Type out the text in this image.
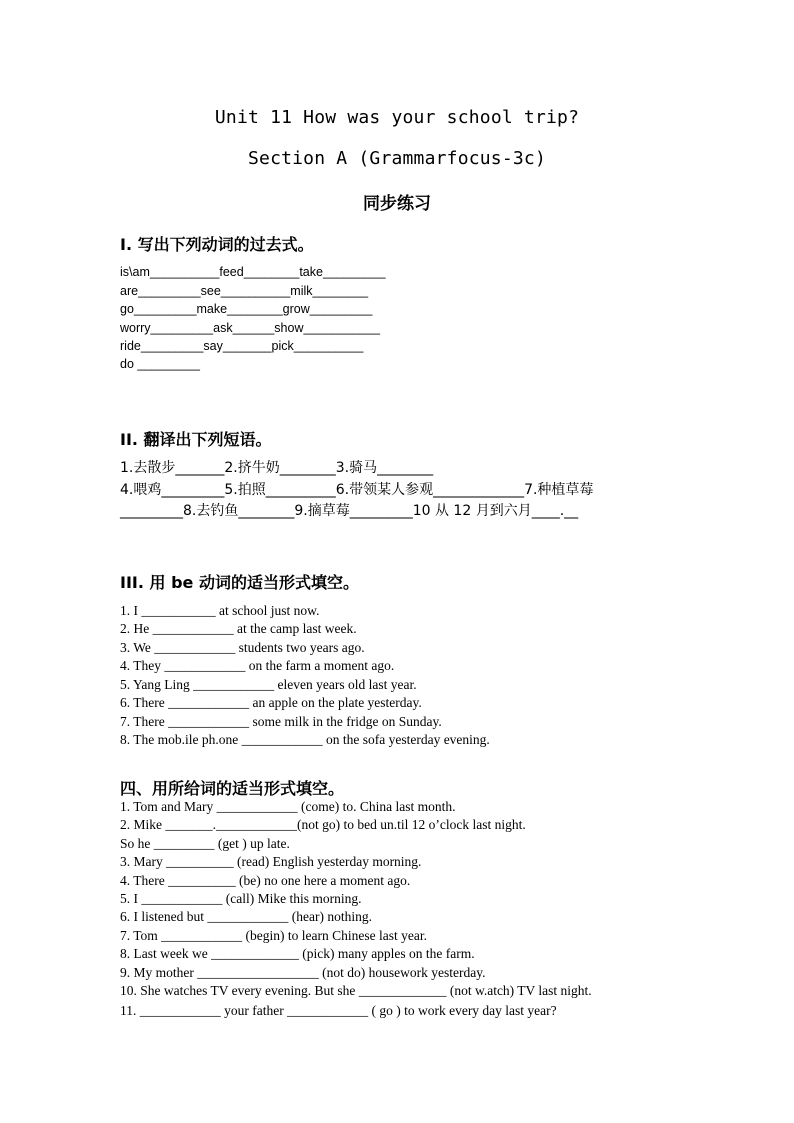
Unit 11 How was your school trip?
Section A (Grammarfocus-3c)
同步练习
I. 写出下列动词的过去式。
is\am__________feed________take_________
are_________see__________milk________
go_________make________grow_________
worry_________ask______show___________
ride_________say_______pick__________
do _________
II. 翻译出下列短语。
1.去散步_______2.挤牛奶________3.骑马________
4.喂鸡_________5.拍照__________6.带领某人参观_____________7.种植草莓
_________8.去钓鱼________9.摘草莓_________10 从 12 月到六月____.__
III. 用 be 动词的适当形式填空。
1. I ___________ at school just now.
2. He ____________ at the camp last week.
3. We ____________ students two years ago.
4. They ____________ on the farm a moment ago.
5. Yang Ling ____________ eleven years old last year.
6. There ____________ an apple on the plate yesterday.
7. There ____________ some milk in the fridge on Sunday.
8. The mob.ile ph.one ____________ on the sofa yesterday evening.
四、用所给词的适当形式填空。
1. Tom and Mary ____________ (come) to. China last month.
2. Mike _______.____________(not go) to bed un.til 12 o’clock last night.
So he _________ (get ) up late.
3. Mary __________ (read) English yesterday morning.
4. There __________ (be) no one here a moment ago.
5. I ____________ (call) Mike this morning.
6. I listened but ____________ (hear) nothing.
7. Tom ____________ (begin) to learn Chinese last year.
8. Last week we _____________ (pick) many apples on the farm.
9. My mother __________________ (not do) housework yesterday.
10. She watches TV every evening. But she _____________ (not w.atch) TV last night.
11. ____________ your father ____________ ( go ) to work every day last year?
